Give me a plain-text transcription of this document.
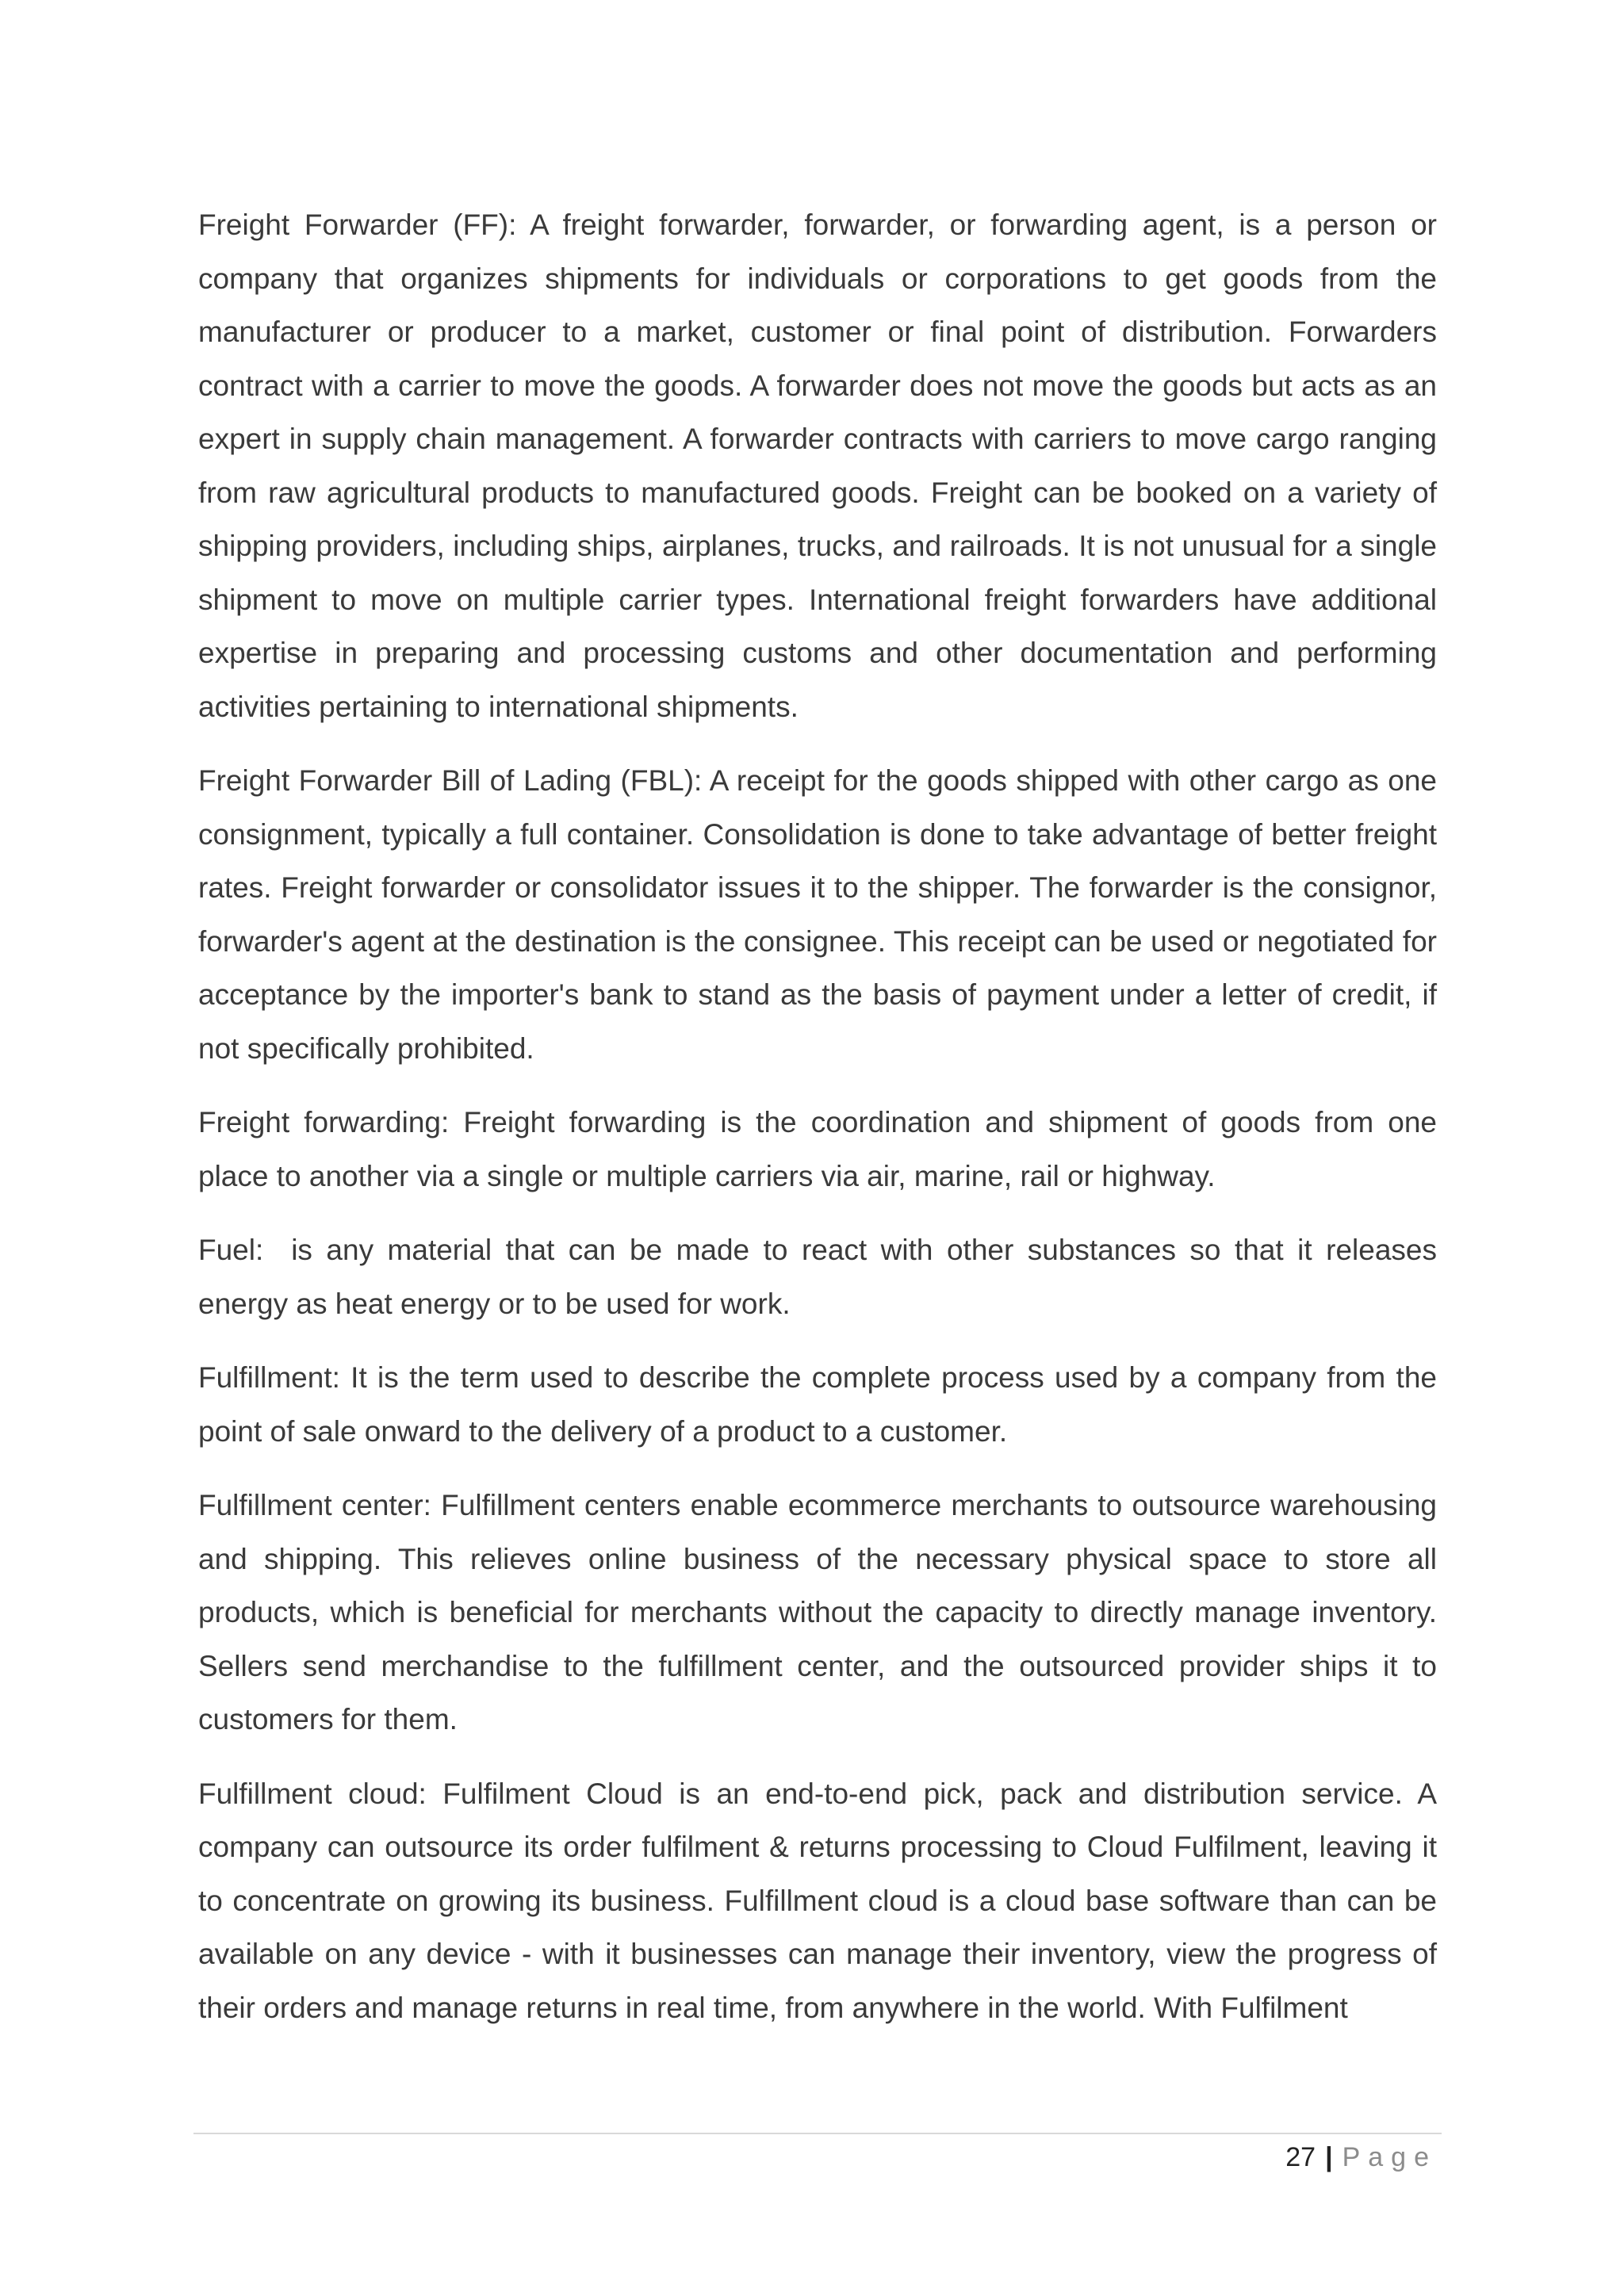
Freight Forwarder (FF): A freight forwarder, forwarder, or forwarding agent, is a person or company that organizes shipments for individuals or corporations to get goods from the manufacturer or producer to a market, customer or final point of distribution. Forwarders contract with a carrier to move the goods. A forwarder does not move the goods but acts as an expert in supply chain management. A forwarder contracts with carriers to move cargo ranging from raw agricultural products to manufactured goods. Freight can be booked on a variety of shipping providers, including ships, airplanes, trucks, and railroads. It is not unusual for a single shipment to move on multiple carrier types. International freight forwarders have additional expertise in preparing and processing customs and other documentation and performing activities pertaining to international shipments.

Freight Forwarder Bill of Lading (FBL): A receipt for the goods shipped with other cargo as one consignment, typically a full container. Consolidation is done to take advantage of better freight rates. Freight forwarder or consolidator issues it to the shipper. The forwarder is the consignor, forwarder's agent at the destination is the consignee. This receipt can be used or negotiated for acceptance by the importer's bank to stand as the basis of payment under a letter of credit, if not specifically prohibited.

Freight forwarding: Freight forwarding is the coordination and shipment of goods from one place to another via a single or multiple carriers via air, marine, rail or highway.

Fuel:  is any material that can be made to react with other substances so that it releases energy as heat energy or to be used for work.

Fulfillment: It is the term used to describe the complete process used by a company from the point of sale onward to the delivery of a product to a customer.

Fulfillment center: Fulfillment centers enable ecommerce merchants to outsource warehousing and shipping. This relieves online business of the necessary physical space to store all products, which is beneficial for merchants without the capacity to directly manage inventory. Sellers send merchandise to the fulfillment center, and the outsourced provider ships it to customers for them.

Fulfillment cloud: Fulfilment Cloud is an end-to-end pick, pack and distribution service. A company can outsource its order fulfilment & returns processing to Cloud Fulfilment, leaving it to concentrate on growing its business. Fulfillment cloud is a cloud base software than can be available on any device - with it businesses can manage their inventory, view the progress of their orders and manage returns in real time, from anywhere in the world. With Fulfilment

27 | Page
